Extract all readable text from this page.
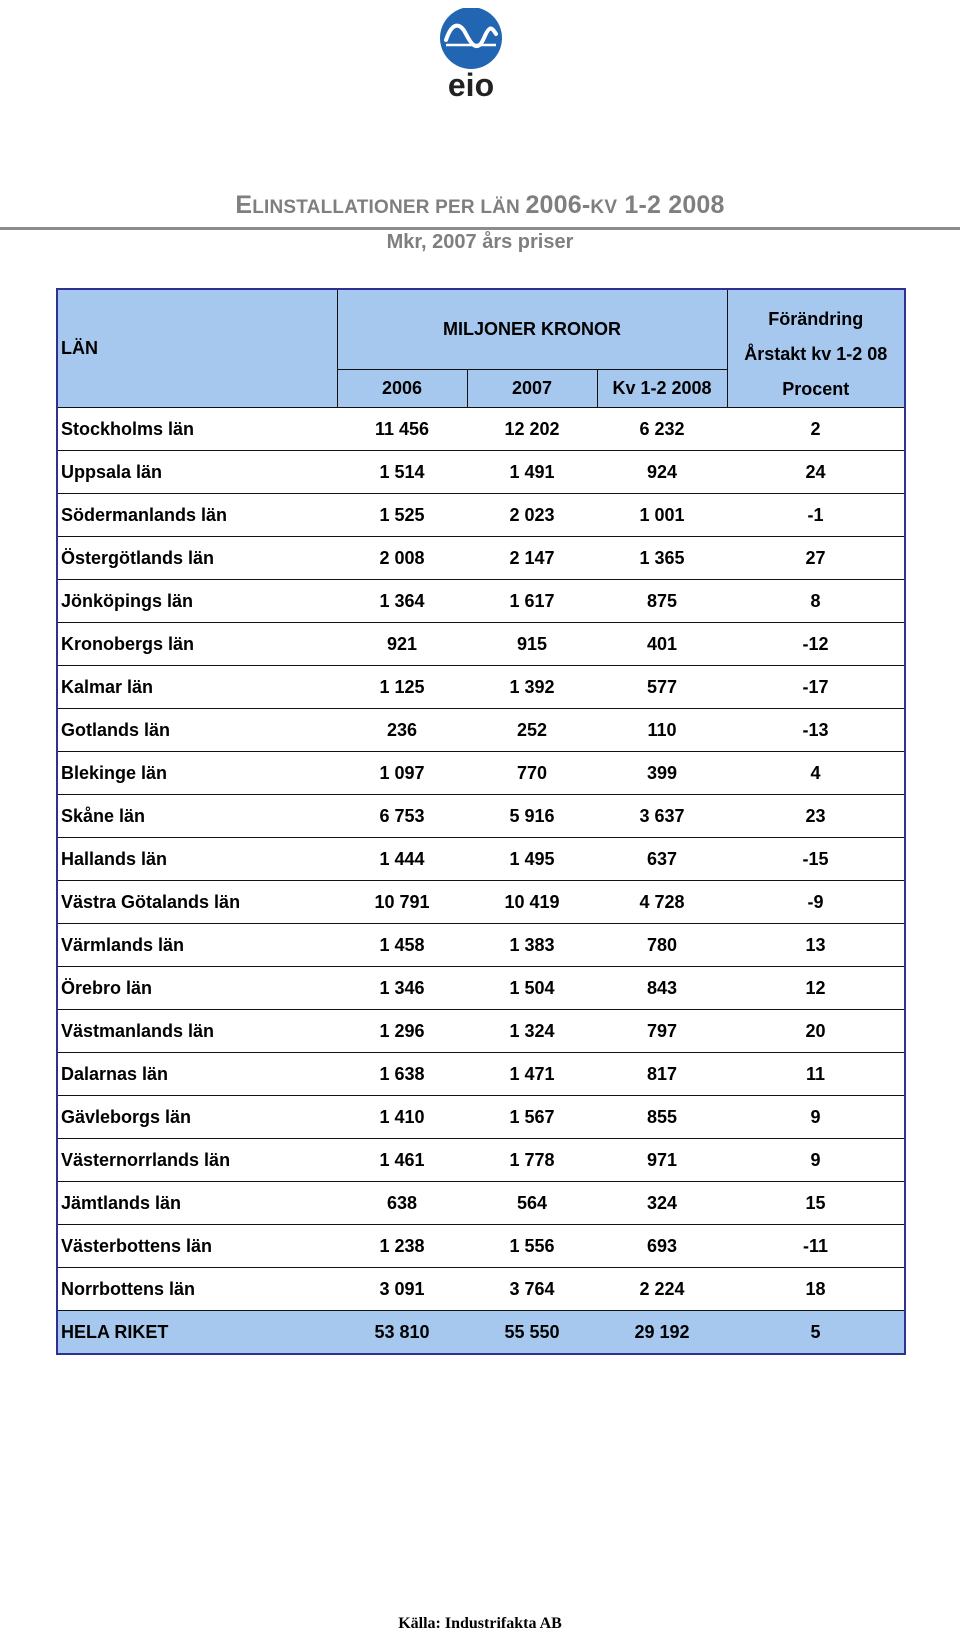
eio
ELINSTALLATIONER PER LÄN 2006-KV 1-2 2008
Mkr, 2007 års priser
LÄN	MILJONER KRONOR			Förändring
Årstakt kv 1-2 08
Procent

	2006	2007	Kv 1-2 2008	
Stockholms län	11 456	12 202	6 232	2
Uppsala län	1 514	1 491	924	24
Södermanlands län	1 525	2 023	1 001	-1
Östergötlands län	2 008	2 147	1 365	27
Jönköpings län	1 364	1 617	875	8
Kronobergs län	921	915	401	-12
Kalmar län	1 125	1 392	577	-17
Gotlands län	236	252	110	-13
Blekinge län	1 097	770	399	4
Skåne län	6 753	5 916	3 637	23
Hallands län	1 444	1 495	637	-15
Västra Götalands län	10 791	10 419	4 728	-9
Värmlands län	1 458	1 383	780	13
Örebro län	1 346	1 504	843	12
Västmanlands län	1 296	1 324	797	20
Dalarnas län	1 638	1 471	817	11
Gävleborgs län	1 410	1 567	855	9
Västernorrlands län	1 461	1 778	971	9
Jämtlands län	638	564	324	15
Västerbottens län	1 238	1 556	693	-11
Norrbottens län	3 091	3 764	2 224	18
HELA RIKET	53 810	55 550	29 192	5
Källa: Industrifakta AB
